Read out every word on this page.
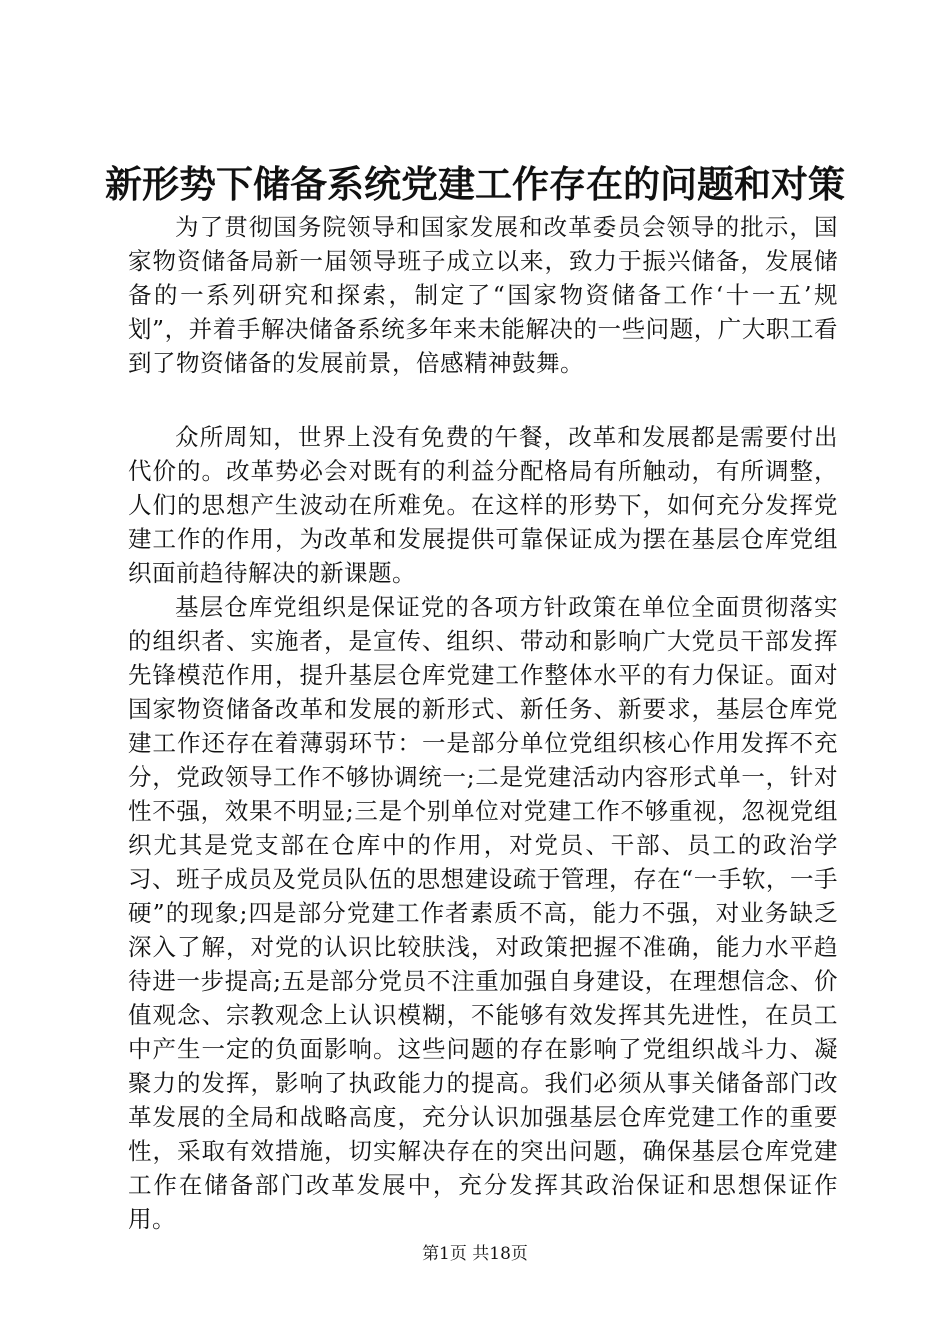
新形势下储备系统党建工作存在的问题和对策

为了贯彻国务院领导和国家发展和改革委员会领导的批示，国家物资储备局新一届领导班子成立以来，致力于振兴储备，发展储备的一系列研究和探索，制定了“国家物资储备工作‘十一五’规划”，并着手解决储备系统多年来未能解决的一些问题，广大职工看到了物资储备的发展前景，倍感精神鼓舞。

众所周知，世界上没有免费的午餐，改革和发展都是需要付出代价的。改革势必会对既有的利益分配格局有所触动，有所调整，人们的思想产生波动在所难免。在这样的形势下，如何充分发挥党建工作的作用，为改革和发展提供可靠保证成为摆在基层仓库党组织面前趋待解决的新课题。

基层仓库党组织是保证党的各项方针政策在单位全面贯彻落实的组织者、实施者，是宣传、组织、带动和影响广大党员干部发挥先锋模范作用，提升基层仓库党建工作整体水平的有力保证。面对国家物资储备改革和发展的新形式、新任务、新要求，基层仓库党建工作还存在着薄弱环节：一是部分单位党组织核心作用发挥不充分，党政领导工作不够协调统一;二是党建活动内容形式单一，针对性不强，效果不明显;三是个别单位对党建工作不够重视，忽视党组织尤其是党支部在仓库中的作用，对党员、干部、员工的政治学习、班子成员及党员队伍的思想建设疏于管理，存在“一手软，一手硬”的现象;四是部分党建工作者素质不高，能力不强，对业务缺乏深入了解，对党的认识比较肤浅，对政策把握不准确，能力水平趋待进一步提高;五是部分党员不注重加强自身建设，在理想信念、价值观念、宗教观念上认识模糊，不能够有效发挥其先进性，在员工中产生一定的负面影响。这些问题的存在影响了党组织战斗力、凝聚力的发挥，影响了执政能力的提高。我们必须从事关储备部门改革发展的全局和战略高度，充分认识加强基层仓库党建工作的重要性，采取有效措施，切实解决存在的突出问题，确保基层仓库党建工作在储备部门改革发展中，充分发挥其政治保证和思想保证作用。

第1页 共18页
